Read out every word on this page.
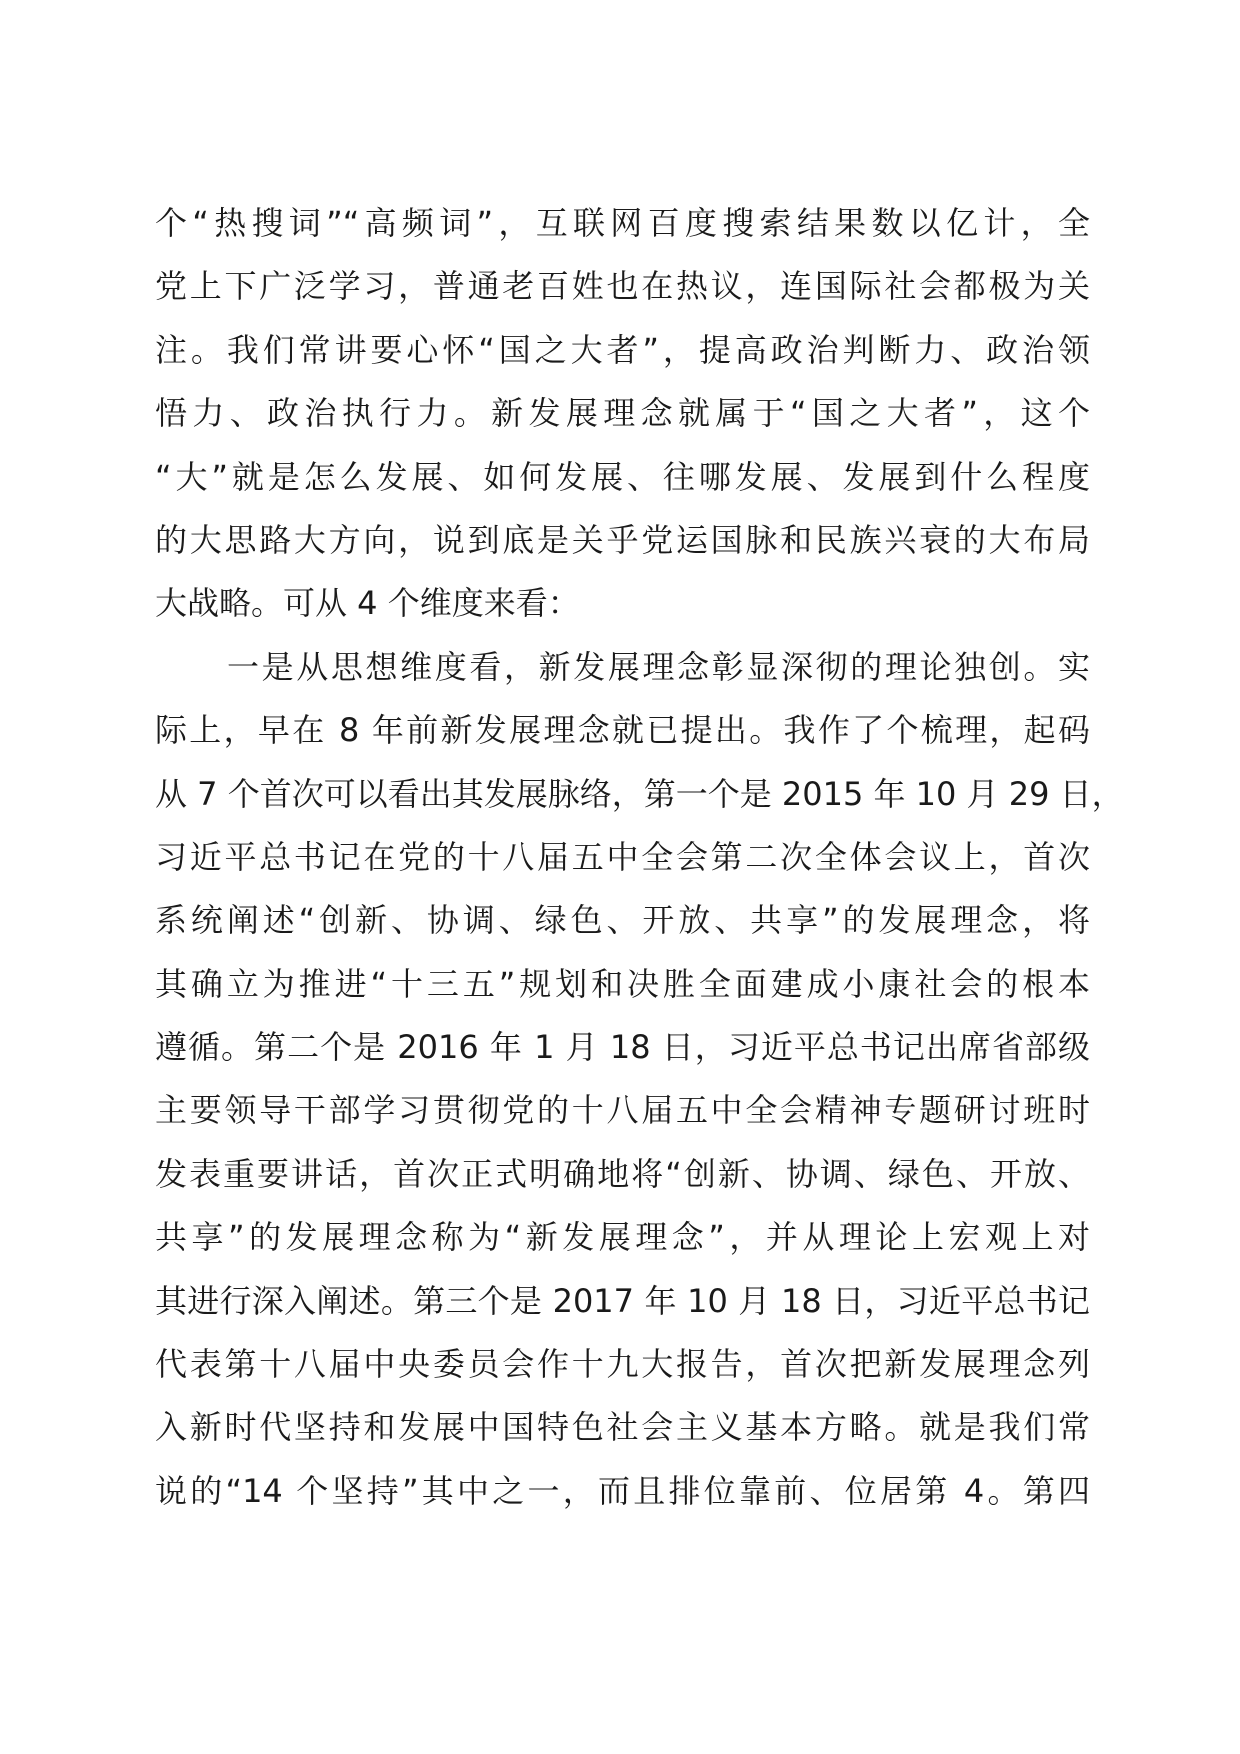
个“热搜词”“高频词”，互联网百度搜索结果数以亿计，全

党上下广泛学习，普通老百姓也在热议，连国际社会都极为关

注。我们常讲要心怀“国之大者”，提高政治判断力、政治领

悟力、政治执行力。新发展理念就属于“国之大者”，这个

“大”就是怎么发展、如何发展、往哪发展、发展到什么程度

的大思路大方向，说到底是关乎党运国脉和民族兴衰的大布局

大战略。可从 4 个维度来看：

一是从思想维度看，新发展理念彰显深彻的理论独创。实

际上，早在 8 年前新发展理念就已提出。我作了个梳理，起码

从 7 个首次可以看出其发展脉络，第一个是 2015 年 10 月 29 日，

习近平总书记在党的十八届五中全会第二次全体会议上，首次

系统阐述“创新、协调、绿色、开放、共享”的发展理念，将

其确立为推进“十三五”规划和决胜全面建成小康社会的根本

遵循。第二个是 2016 年 1 月 18 日，习近平总书记出席省部级

主要领导干部学习贯彻党的十八届五中全会精神专题研讨班时

发表重要讲话，首次正式明确地将“创新、协调、绿色、开放、

共享”的发展理念称为“新发展理念”，并从理论上宏观上对

其进行深入阐述。第三个是 2017 年 10 月 18 日，习近平总书记

代表第十八届中央委员会作十九大报告，首次把新发展理念列

入新时代坚持和发展中国特色社会主义基本方略。就是我们常

说的“14 个坚持”其中之一，而且排位靠前、位居第 4。第四
